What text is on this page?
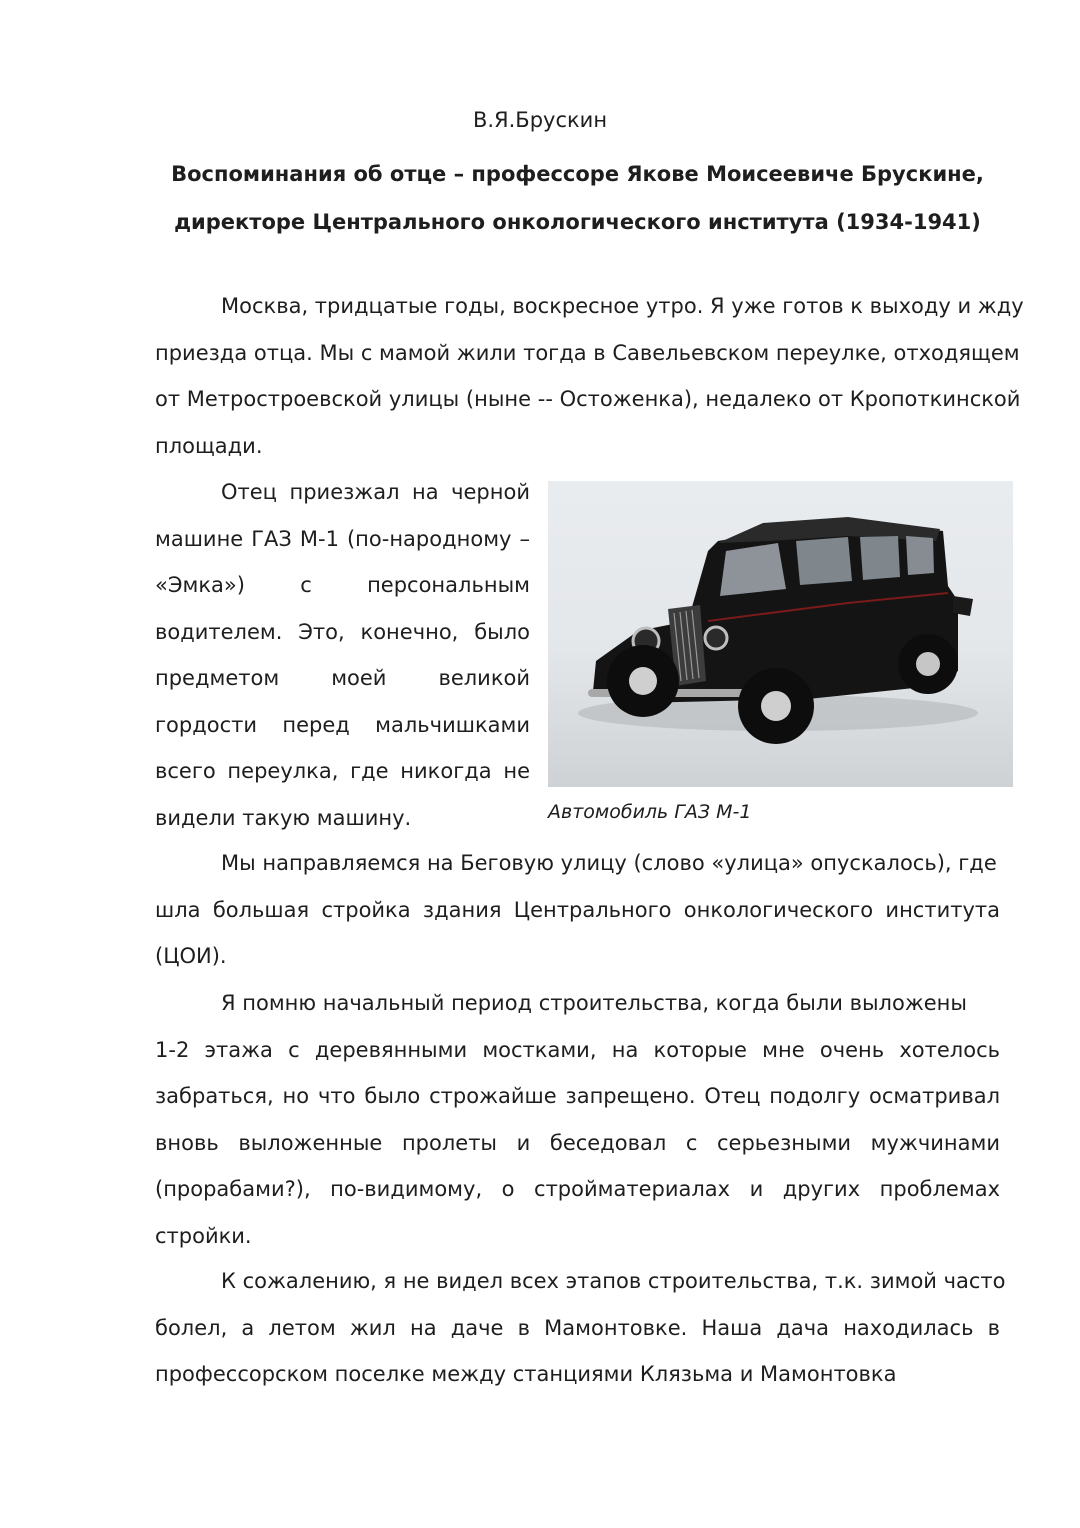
В.Я.Брускин
Воспоминания об отце – профессоре Якове Моисеевиче Брускине,
директоре Центрального онкологического института (1934-1941)
Москва, тридцатые годы, воскресное утро. Я уже готов к выходу и жду
приезда отца. Мы с мамой жили тогда в Савельевском переулке, отходящем
от Метростроевской улицы (ныне -- Остоженка), недалеко от Кропоткинской
площади.
Отец приезжал на черной
машине ГАЗ М-1 (по-народному –
«Эмка») с персональным
водителем. Это, конечно, было
предметом моей великой
гордости перед мальчишками
всего переулка, где никогда не
видели такую машину.	Автомобиль ГАЗ М-1
Мы направляемся на Беговую улицу (слово «улица» опускалось), где
шла большая стройка здания Центрального онкологического института
(ЦОИ).
Я помню начальный период строительства, когда были выложены
1-2 этажа с деревянными мостками, на которые мне очень хотелось
забраться, но что было строжайше запрещено. Отец подолгу осматривал
вновь выложенные пролеты и беседовал с серьезными мужчинами
(прорабами?), по-видимому, о стройматериалах и других проблемах
стройки.
К сожалению, я не видел всех этапов строительства, т.к. зимой часто
болел, а летом жил на даче в Мамонтовке. Наша дача находилась в
профессорском поселке между станциями Клязьма и Мамонтовка
